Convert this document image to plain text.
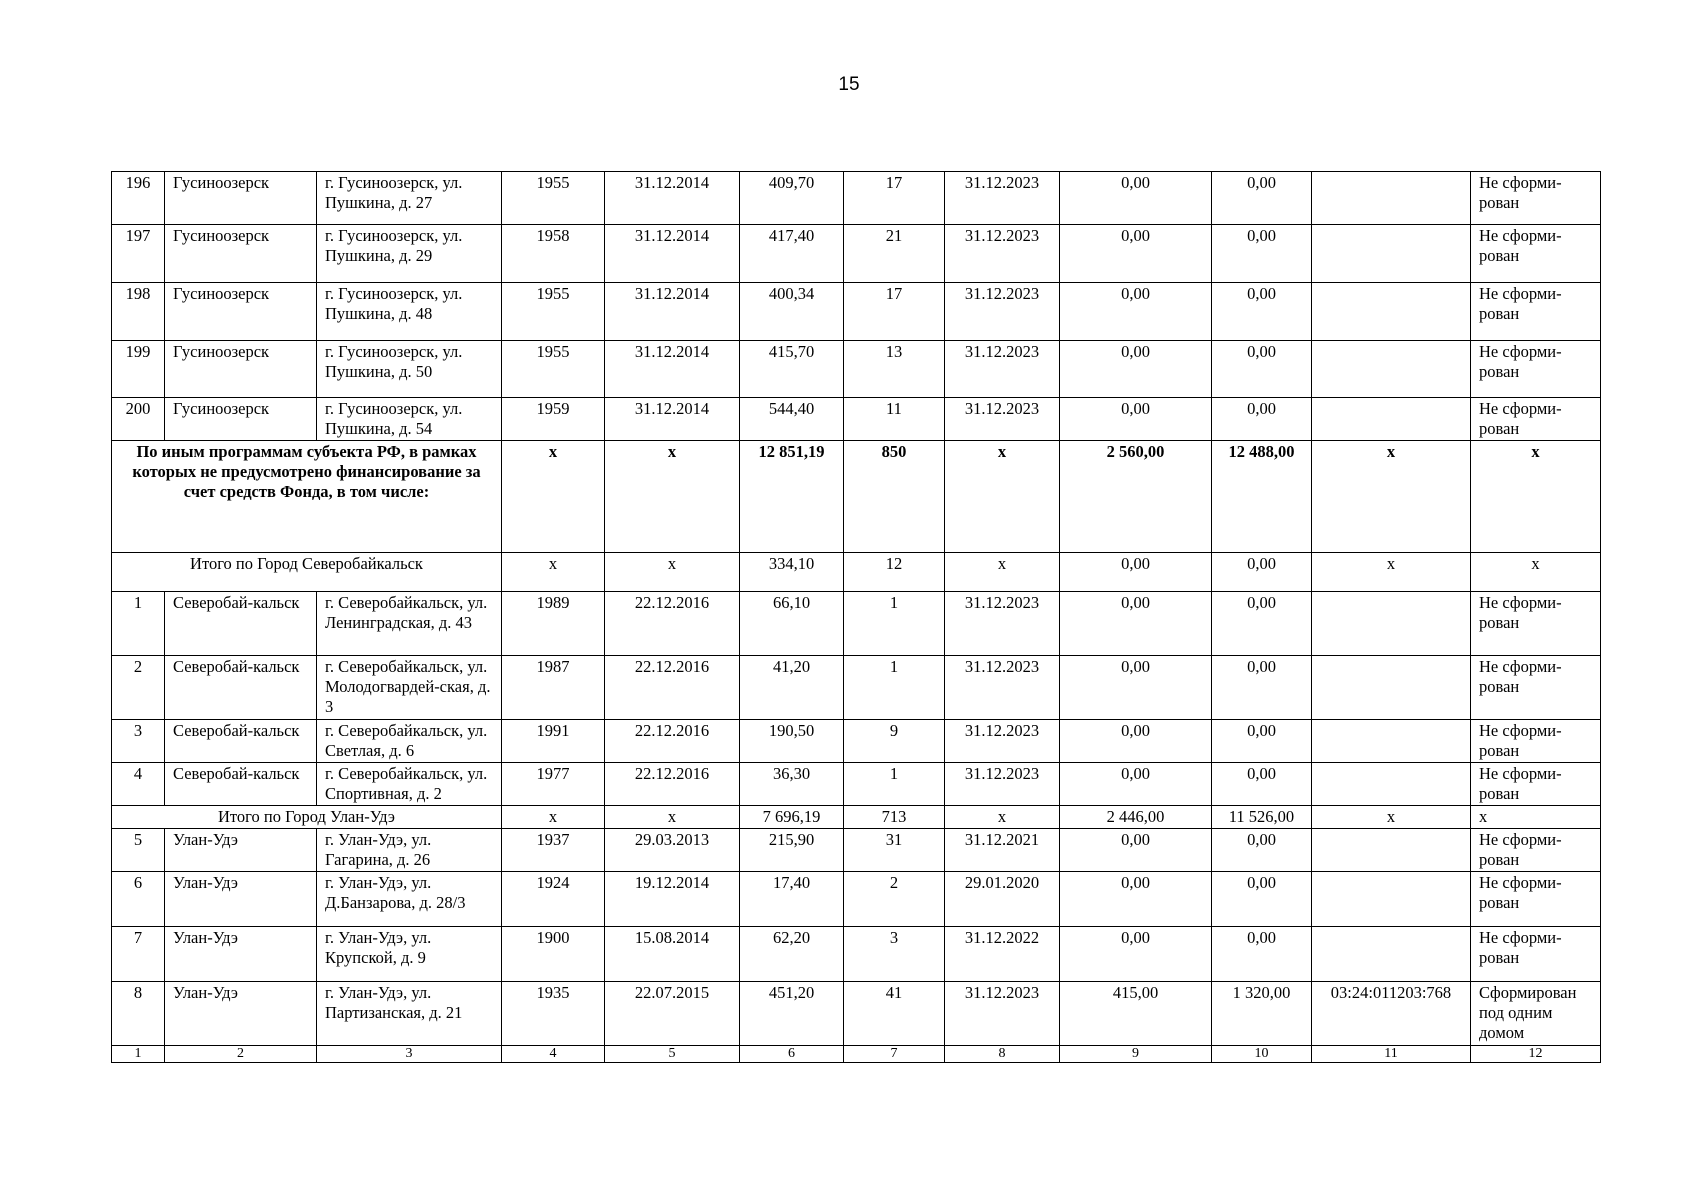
15
196	Гусиноозерск	г. Гусиноозерск, ул. Пушкина, д. 27	1955	31.12.2014	409,70	17	31.12.2023	0,00	0,00		Не сформи-рован
197	Гусиноозерск	г. Гусиноозерск, ул. Пушкина, д. 29	1958	31.12.2014	417,40	21	31.12.2023	0,00	0,00		Не сформи-рован
198	Гусиноозерск	г. Гусиноозерск, ул. Пушкина, д. 48	1955	31.12.2014	400,34	17	31.12.2023	0,00	0,00		Не сформи-рован
199	Гусиноозерск	г. Гусиноозерск, ул. Пушкина, д. 50	1955	31.12.2014	415,70	13	31.12.2023	0,00	0,00		Не сформи-рован
200	Гусиноозерск	г. Гусиноозерск, ул. Пушкина, д. 54	1959	31.12.2014	544,40	11	31.12.2023	0,00	0,00		Не сформи-рован
По иным программам субъекта РФ, в рамках которых не предусмотрено финансирование за счет средств Фонда, в том числе:			х	х	12 851,19	850	х	2 560,00	12 488,00	х	х
Итого по Город Северобайкальск			х	х	334,10	12	х	0,00	0,00	х	х
1	Северобай-кальск	г. Северобайкальск, ул. Ленинградская, д. 43	1989	22.12.2016	66,10	1	31.12.2023	0,00	0,00		Не сформи-рован
2	Северобай-кальск	г. Северобайкальск, ул. Молодогвардей-ская, д. 3	1987	22.12.2016	41,20	1	31.12.2023	0,00	0,00		Не сформи-рован
3	Северобай-кальск	г. Северобайкальск, ул. Светлая, д. 6	1991	22.12.2016	190,50	9	31.12.2023	0,00	0,00		Не сформи-рован
4	Северобай-кальск	г. Северобайкальск, ул. Спортивная, д. 2	1977	22.12.2016	36,30	1	31.12.2023	0,00	0,00		Не сформи-рован
Итого по Город Улан-Удэ			х	х	7 696,19	713	х	2 446,00	11 526,00	х	х
5	Улан-Удэ	г. Улан-Удэ, ул. Гагарина, д. 26	1937	29.03.2013	215,90	31	31.12.2021	0,00	0,00		Не сформи-рован
6	Улан-Удэ	г. Улан-Удэ, ул. Д.Банзарова, д. 28/3	1924	19.12.2014	17,40	2	29.01.2020	0,00	0,00		Не сформи-рован
7	Улан-Удэ	г. Улан-Удэ, ул. Крупской, д. 9	1900	15.08.2014	62,20	3	31.12.2022	0,00	0,00		Не сформи-рован
8	Улан-Удэ	г. Улан-Удэ, ул. Партизанская, д. 21	1935	22.07.2015	451,20	41	31.12.2023	415,00	1 320,00	03:24:011203:768	Сформирован под одним домом
1	2	3	4	5	6	7	8	9	10	11	12
